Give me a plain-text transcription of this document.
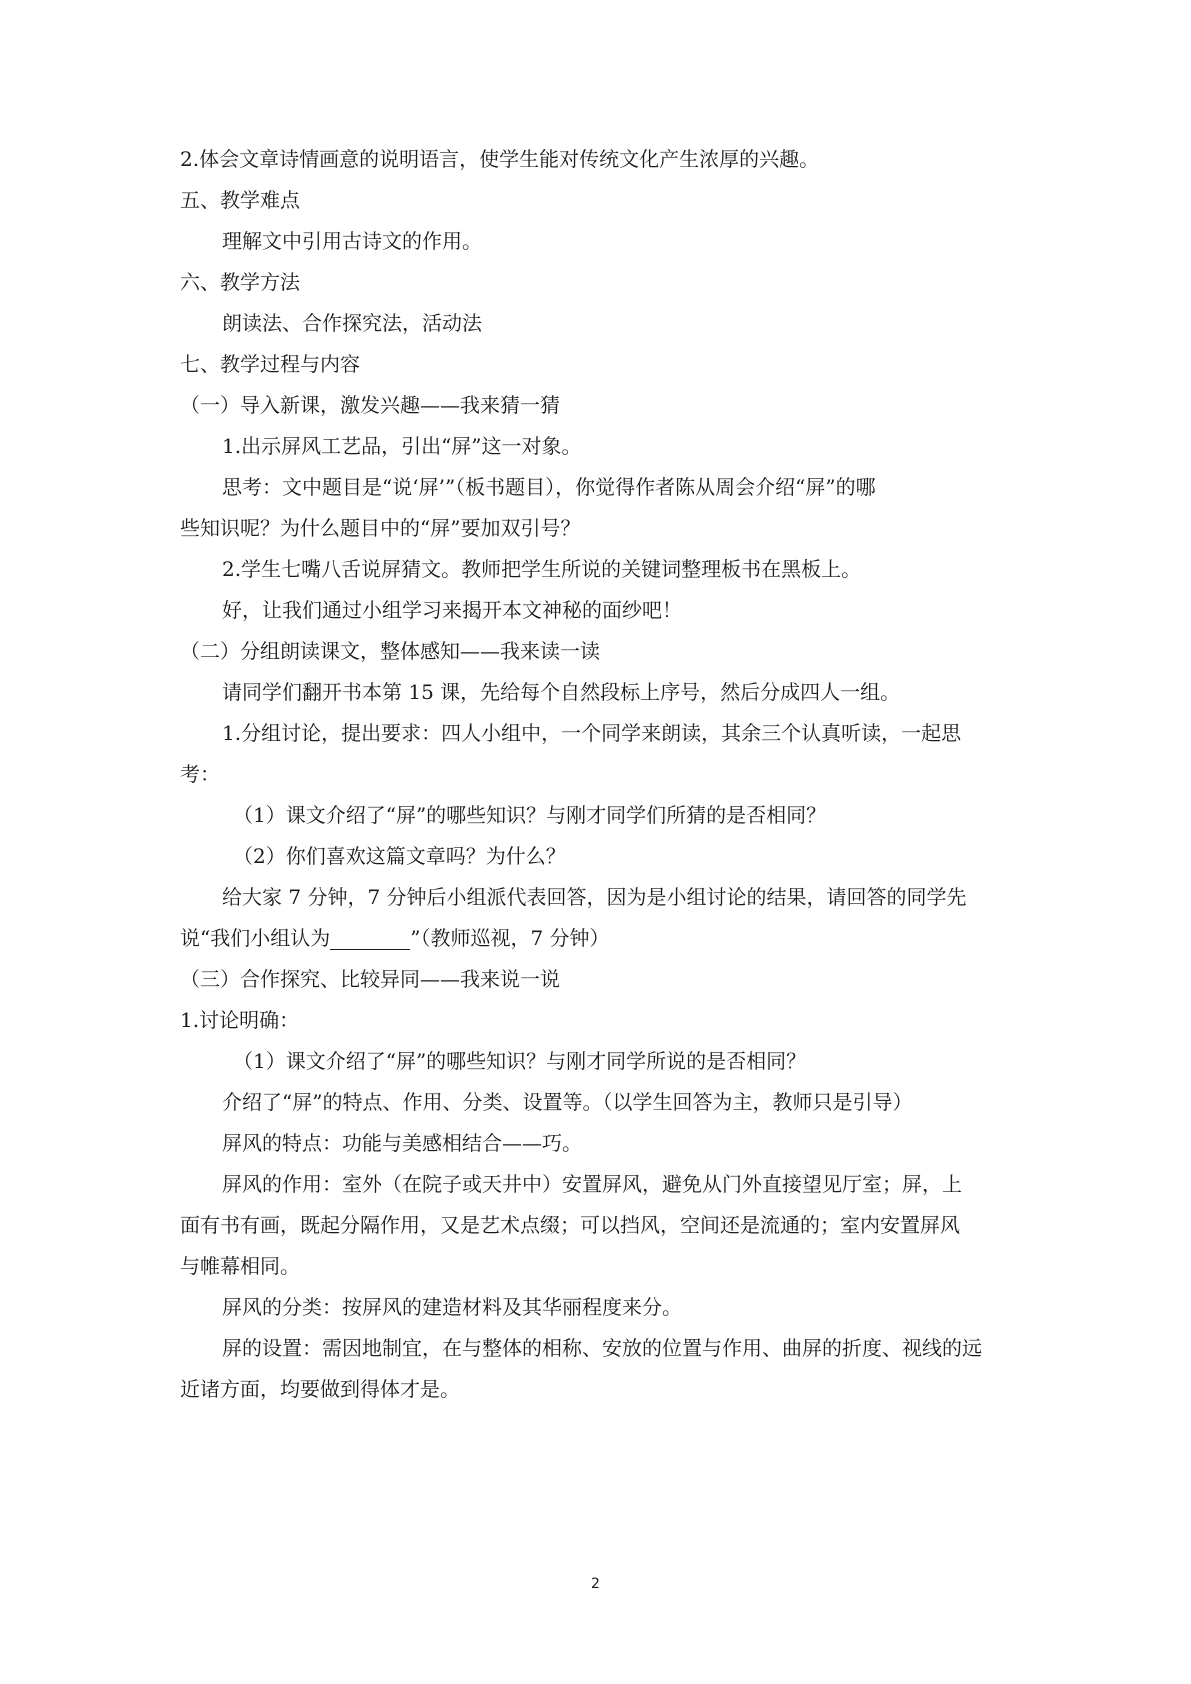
2.体会文章诗情画意的说明语言，使学生能对传统文化产生浓厚的兴趣。
五、教学难点
理解文中引用古诗文的作用。
六、教学方法
朗读法、合作探究法，活动法
七、教学过程与内容
（一）导入新课，激发兴趣——我来猜一猜
1.出示屏风工艺品，引出“屏”这一对象。
思考：文中题目是“说‘屏’”（板书题目），你觉得作者陈从周会介绍“屏”的哪
些知识呢？为什么题目中的“屏”要加双引号？
2.学生七嘴八舌说屏猜文。教师把学生所说的关键词整理板书在黑板上。
好，让我们通过小组学习来揭开本文神秘的面纱吧！
（二）分组朗读课文，整体感知——我来读一读
请同学们翻开书本第 15 课，先给每个自然段标上序号，然后分成四人一组。
1.分组讨论，提出要求：四人小组中，一个同学来朗读，其余三个认真听读，一起思
考：
（1）课文介绍了“屏”的哪些知识？与刚才同学们所猜的是否相同？
（2）你们喜欢这篇文章吗？为什么？
给大家 7 分钟，7 分钟后小组派代表回答，因为是小组讨论的结果，请回答的同学先
说“我们小组认为　　　　	”（教师巡视，7 分钟）
（三）合作探究、比较异同——我来说一说
1.讨论明确：
（1）课文介绍了“屏”的哪些知识？与刚才同学所说的是否相同？
介绍了“屏”的特点、作用、分类、设置等。（以学生回答为主，教师只是引导）
屏风的特点：功能与美感相结合——巧。
屏风的作用：室外（在院子或天井中）安置屏风，避免从门外直接望见厅室；屏，上
面有书有画，既起分隔作用，又是艺术点缀；可以挡风，空间还是流通的；室内安置屏风
与帷幕相同。
屏风的分类：按屏风的建造材料及其华丽程度来分。
屏的设置：需因地制宜，在与整体的相称、安放的位置与作用、曲屏的折度、视线的远
近诸方面，均要做到得体才是。
2
